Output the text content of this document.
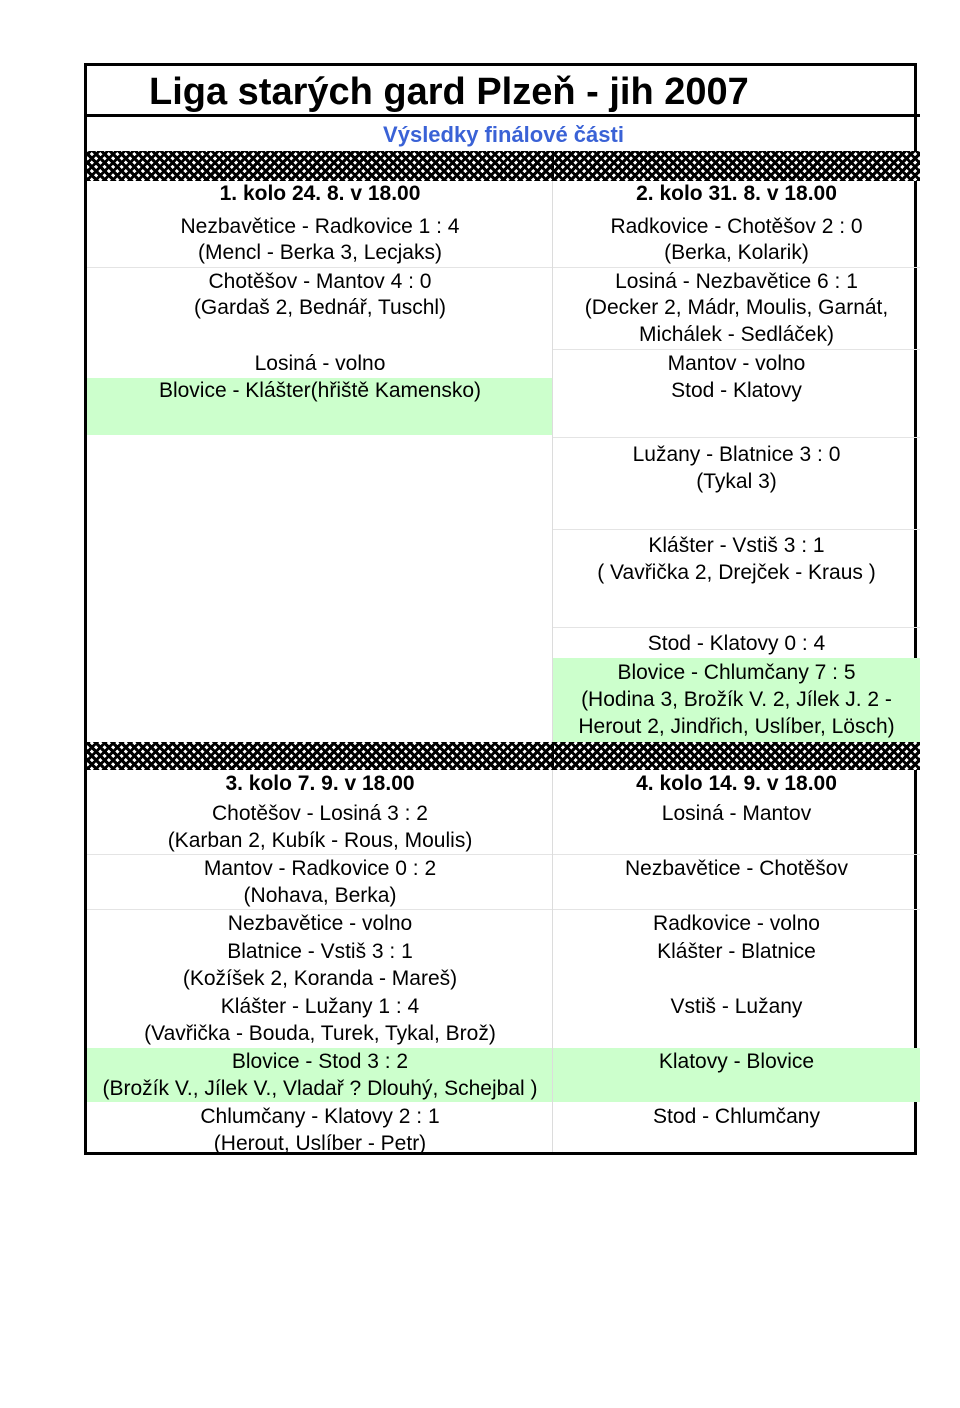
Liga starých gard Plzeň - jih 2007
Výsledky finálové části
1. kolo 24. 8. v 18.00	2. kolo 31. 8. v 18.00
Nezbavětice - Radkovice 1 : 4
(Mencl - Berka 3, Lecjaks)
Chotěšov - Mantov 4 : 0
(Gardaš 2, Bednář, Tuschl)
Losiná - volno
Blovice - Klášter(hřiště Kamensko)
Radkovice - Chotěšov 2 : 0
(Berka, Kolarik)
Losiná - Nezbavětice 6 : 1
(Decker 2, Mádr, Moulis, Garnát,
Michálek - Sedláček)
Mantov - volno
Stod - Klatovy
Lužany - Blatnice 3 : 0
(Tykal 3)
Klášter - Vstiš 3 : 1
( Vavřička 2, Drejček - Kraus )
Stod - Klatovy 0 : 4
Blovice - Chlumčany 7 : 5
(Hodina 3, Brožík V. 2, Jílek J. 2 -
Herout 2, Jindřich, Uslíber, Lösch)
3. kolo 7. 9. v 18.00	4. kolo 14. 9. v 18.00
Chotěšov - Losiná 3 : 2
(Karban 2, Kubík - Rous, Moulis)
Mantov - Radkovice 0 : 2
(Nohava, Berka)
Nezbavětice - volno
Blatnice - Vstiš 3 : 1
(Kožíšek 2, Koranda - Mareš)
Klášter - Lužany 1 : 4
(Vavřička - Bouda, Turek, Tykal, Brož)
Blovice - Stod 3 : 2
(Brožík V., Jílek V., Vladař ? Dlouhý, Schejbal )
Chlumčany - Klatovy 2 : 1
(Herout, Uslíber - Petr)
Losiná - Mantov
Nezbavětice - Chotěšov
Radkovice - volno
Klášter - Blatnice
Vstiš - Lužany
Klatovy - Blovice
Stod - Chlumčany
